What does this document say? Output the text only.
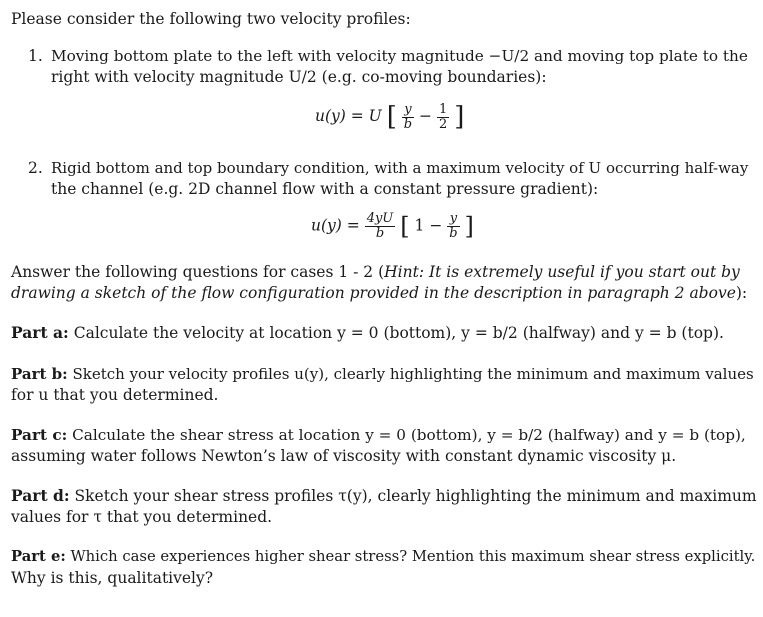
Please consider the following two velocity profiles:
1. Moving bottom plate to the left with velocity magnitude −U/2 and moving top plate to the
right with velocity magnitude U/2 (e.g. co-moving boundaries):
u(y) = U [ $\frac{y}{b} - \frac{1}{2}$ ]
2. Rigid bottom and top boundary condition, with a maximum velocity of U occurring half-way
the channel (e.g. 2D channel flow with a constant pressure gradient):
$u(y) = \frac{4yU}{b}$ [ $1 - \frac{y}{b}$ ]
Answer the following questions for cases 1 - 2 (Hint: It is extremely useful if you start out by
drawing a sketch of the flow configuration provided in the description in paragraph 2 above):
Part a: Calculate the velocity at location y = 0 (bottom), y = b/2 (halfway) and y = b (top).
Part b: Sketch your velocity profiles u(y), clearly highlighting the minimum and maximum values
for u that you determined.
Part c: Calculate the shear stress at location y = 0 (bottom), y = b/2 (halfway) and y = b (top),
assuming water follows Newton’s law of viscosity with constant dynamic viscosity μ.
Part d: Sketch your shear stress profiles τ(y), clearly highlighting the minimum and maximum
values for τ that you determined.
Part e: Which case experiences higher shear stress? Mention this maximum shear stress explicitly.
Why is this, qualitatively?
